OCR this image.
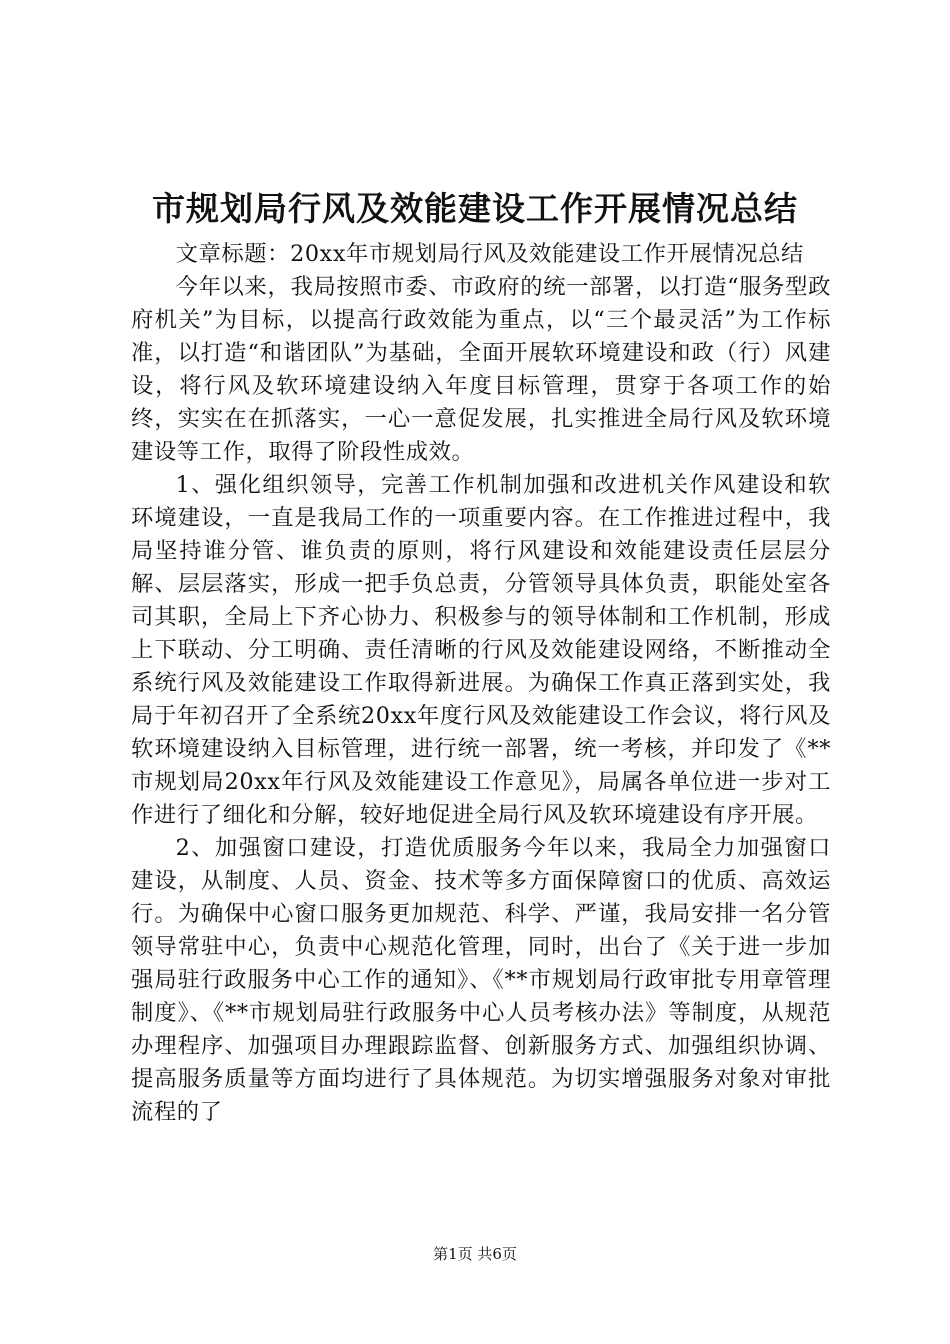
市规划局行风及效能建设工作开展情况总结

文章标题：20xx年市规划局行风及效能建设工作开展情况总结

今年以来，我局按照市委、市政府的统一部署，以打造“服务型政府机关”为目标，以提高行政效能为重点，以“三个最灵活”为工作标准，以打造“和谐团队”为基础，全面开展软环境建设和政（行）风建设，将行风及软环境建设纳入年度目标管理，贯穿于各项工作的始终，实实在在抓落实，一心一意促发展，扎实推进全局行风及软环境建设等工作，取得了阶段性成效。

1、强化组织领导，完善工作机制加强和改进机关作风建设和软环境建设，一直是我局工作的一项重要内容。在工作推进过程中，我局坚持谁分管、谁负责的原则，将行风建设和效能建设责任层层分解、层层落实，形成一把手负总责，分管领导具体负责，职能处室各司其职，全局上下齐心协力、积极参与的领导体制和工作机制，形成上下联动、分工明确、责任清晰的行风及效能建设网络，不断推动全系统行风及效能建设工作取得新进展。为确保工作真正落到实处，我局于年初召开了全系统20xx年度行风及效能建设工作会议，将行风及软环境建设纳入目标管理，进行统一部署，统一考核，并印发了《**市规划局20xx年行风及效能建设工作意见》，局属各单位进一步对工作进行了细化和分解，较好地促进全局行风及软环境建设有序开展。

2、加强窗口建设，打造优质服务今年以来，我局全力加强窗口建设，从制度、人员、资金、技术等多方面保障窗口的优质、高效运行。为确保中心窗口服务更加规范、科学、严谨，我局安排一名分管领导常驻中心，负责中心规范化管理，同时，出台了《关于进一步加强局驻行政服务中心工作的通知》、《**市规划局行政审批专用章管理制度》、《**市规划局驻行政服务中心人员考核办法》等制度，从规范办理程序、加强项目办理跟踪监督、创新服务方式、加强组织协调、提高服务质量等方面均进行了具体规范。为切实增强服务对象对审批流程的了

第1页 共6页
